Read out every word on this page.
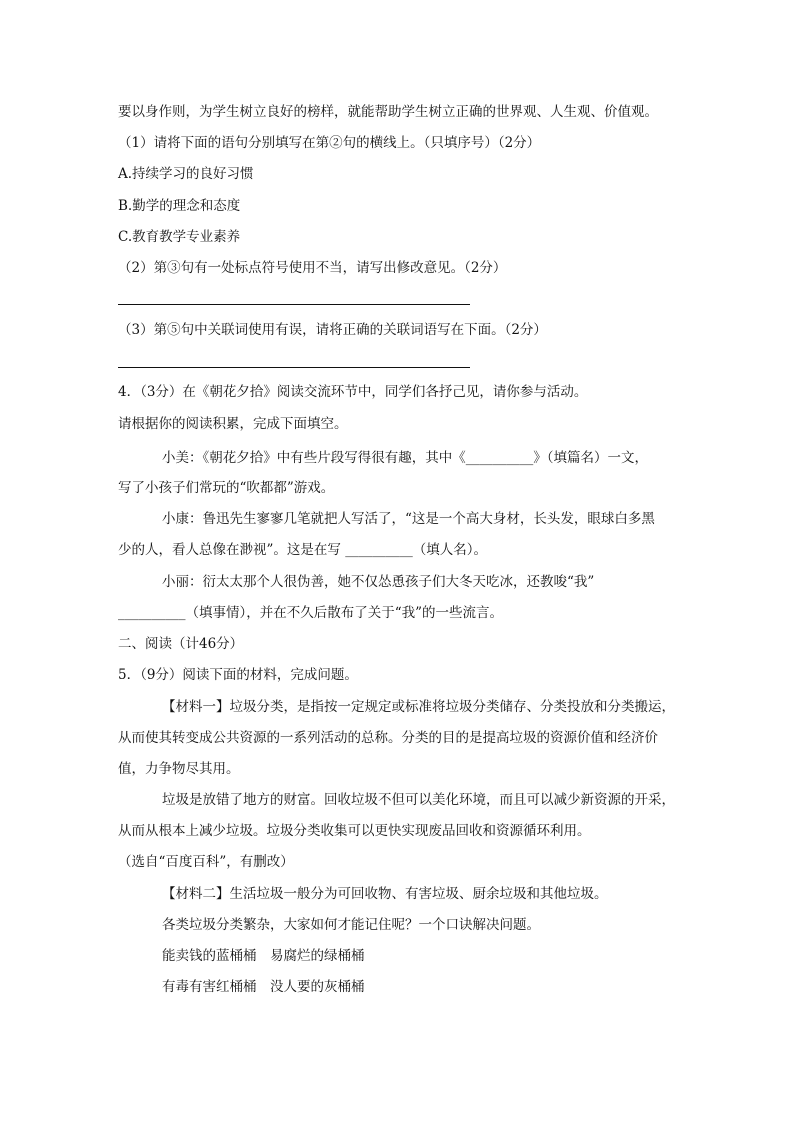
要以身作则，为学生树立良好的榜样，就能帮助学生树立正确的世界观、人生观、价值观。
（1）请将下面的语句分别填写在第②句的横线上。（只填序号）（2分）
A.持续学习的良好习惯
B.勤学的理念和态度
C.教育教学专业素养
（2）第③句有一处标点符号使用不当，请写出修改意见。（2分）
（3）第⑤句中关联词使用有误，请将正确的关联词语写在下面。（2分）
4．（3分）在《朝花夕拾》阅读交流环节中，同学们各抒己见，请你参与活动。
请根据你的阅读积累，完成下面填空。
小美：《朝花夕拾》中有些片段写得很有趣，其中《__________》（填篇名）一文，
写了小孩子们常玩的“吹都都”游戏。
小康：鲁迅先生寥寥几笔就把人写活了，“这是一个高大身材，长头发，眼球白多黑
少的人，看人总像在渺视”。这是在写 __________（填人名）。
小丽：衍太太那个人很伪善，她不仅怂恿孩子们大冬天吃冰，还教唆“我”
__________（填事情），并在不久后散布了关于“我”的一些流言。
二、阅读（计46分）
5．（9分）阅读下面的材料，完成问题。
【材料一】垃圾分类，是指按一定规定或标准将垃圾分类储存、分类投放和分类搬运，
从而使其转变成公共资源的一系列活动的总称。分类的目的是提高垃圾的资源价值和经济价
值，力争物尽其用。
垃圾是放错了地方的财富。回收垃圾不但可以美化环境，而且可以减少新资源的开采，
从而从根本上减少垃圾。垃圾分类收集可以更快实现废品回收和资源循环利用。
（选自“百度百科”，有删改）
【材料二】生活垃圾一般分为可回收物、有害垃圾、厨余垃圾和其他垃圾。
各类垃圾分类繁杂，大家如何才能记住呢？一个口诀解决问题。
能卖钱的蓝桶桶　易腐烂的绿桶桶
有毒有害红桶桶　没人要的灰桶桶
